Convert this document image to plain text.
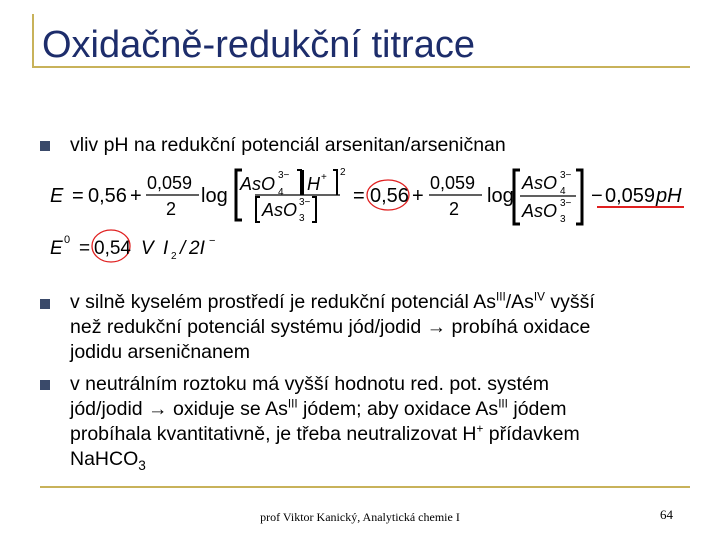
Oxidačně-redukční titrace
vliv pH na redukční potenciál arsenitan/arseničnan
E = 0,56 +
0,059
2
log
AsO 4
3− H + 2
AsO 3
3− = 0,56 +
0,059
2
log
AsO 4
3−
AsO 3
3− − 0,059 pH
E 0 = 0,54 V I 2 / 2I −
v silně kyselém prostředí je redukční potenciál $As^{III}/As^{IV}$ vyšší
než redukční potenciál systému jód/jodid → probíhá oxidace
jodidu arseničnanem
v neutrálním roztoku má vyšší hodnotu red. pot. systém
jód/jodid → oxiduje se $As^{III}$ jódem; aby oxidace $As^{III}$ jódem
probíhala kvantitativně, je třeba neutralizovat H+ přídavkem
NaHCO$_3$
prof Viktor Kanický, Analytická chemie I	64
